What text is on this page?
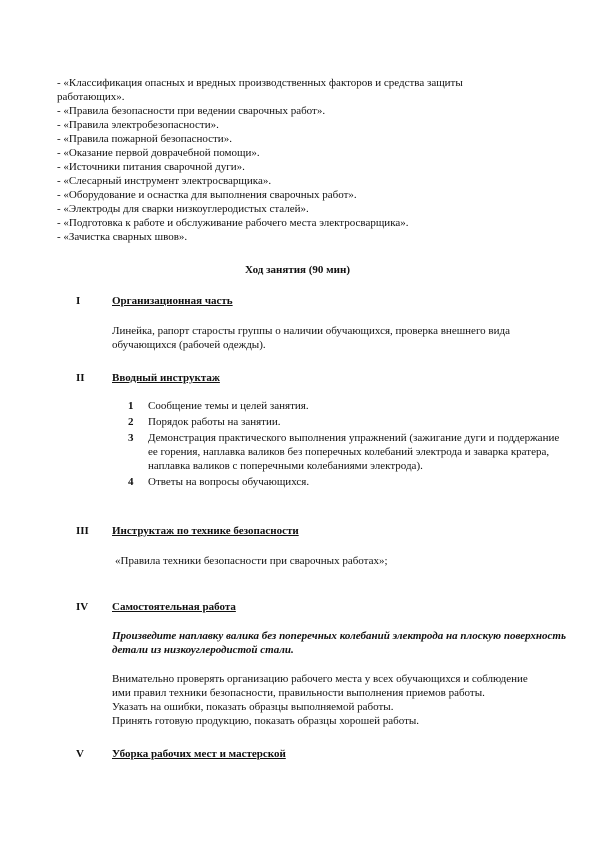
- «Классификация опасных и вредных производственных факторов и средства защиты работающих».
- «Правила безопасности при ведении сварочных работ».
- «Правила электробезопасности».
- «Правила пожарной безопасности».
- «Оказание первой доврачебной помощи».
- «Источники питания сварочной дуги».
- «Слесарный инструмент электросварщика».
- «Оборудование и оснастка для выполнения сварочных работ».
- «Электроды для сварки низкоуглеродистых сталей».
- «Подготовка к работе и обслуживание рабочего места электросварщика».
- «Зачистка сварных швов».
Ход занятия (90 мин)
I	Организационная часть
Линейка, рапорт старосты группы о наличии обучающихся, проверка внешнего вида
обучающихся (рабочей одежды).
II Вводный инструктаж
1 Сообщение темы и целей занятия.
2 Порядок работы на занятии.
3 Демонстрация практического выполнения упражнений (зажигание дуги и поддержание ее горения, наплавка валиков без поперечных колебаний электрода и заварка кратера, наплавка валиков с поперечными колебаниями электрода).
4 Ответы на вопросы обучающихся.
III Инструктаж по технике безопасности
«Правила техники безопасности при сварочных работах»;
IV Самостоятельная работа
Произведите наплавку валика без поперечных колебаний электрода на плоскую поверхность детали из низкоуглеродистой стали.
Внимательно проверять организацию рабочего места у всех обучающихся и соблюдение
ими правил техники безопасности, правильности выполнения приемов работы.
Указать на ошибки, показать образцы выполняемой работы.
Принять готовую продукцию, показать образцы хорошей работы.
V	Уборка рабочих мест и мастерской
